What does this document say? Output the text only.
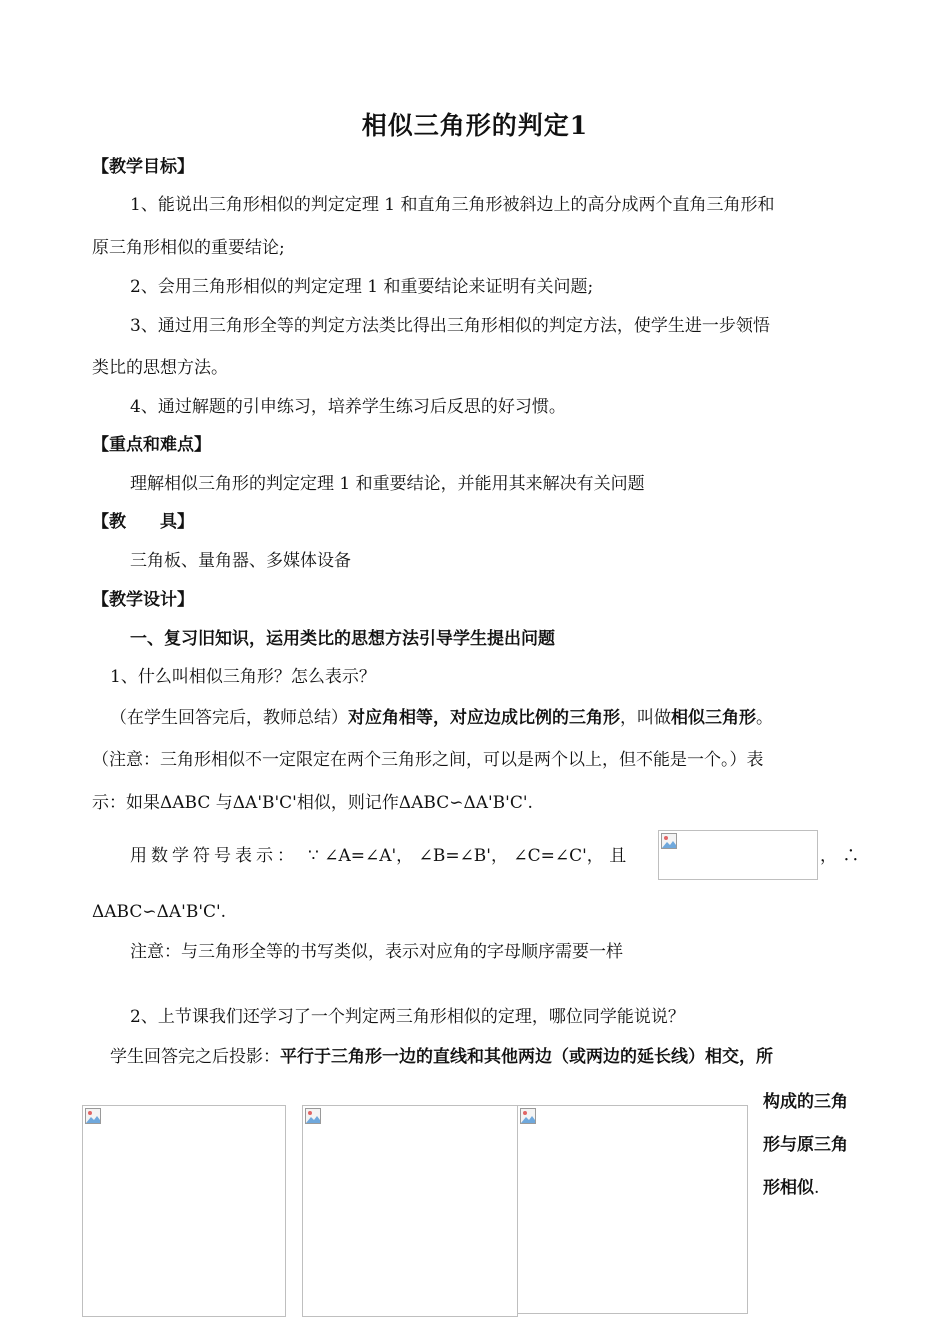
相似三角形的判定1
【教学目标】
1、能说出三角形相似的判定定理 1 和直角三角形被斜边上的高分成两个直角三角形和
原三角形相似的重要结论;
2、会用三角形相似的判定定理 1 和重要结论来证明有关问题;
3、通过用三角形全等的判定方法类比得出三角形相似的判定方法，使学生进一步领悟
类比的思想方法。
4、通过解题的引申练习，培养学生练习后反思的好习惯。
【重点和难点】
理解相似三角形的判定定理 1 和重要结论，并能用其来解决有关问题
【教　　具】
三角板、量角器、多媒体设备
【教学设计】
一、复习旧知识，运用类比的思想方法引导学生提出问题
1、什么叫相似三角形？怎么表示？
（在学生回答完后，教师总结）对应角相等，对应边成比例的三角形，叫做相似三角形。
（注意：三角形相似不一定限定在两个三角形之间，可以是两个以上，但不能是一个。）表
示：如果ΔABC 与ΔA'B'C'相似，则记作ΔABC∽ΔA'B'C'.
用数学符号表示： ∵ ∠A=∠A'， ∠B=∠B'， ∠C=∠C'， 且	， ∴
ΔABC∽ΔA'B'C'.
注意：与三角形全等的书写类似，表示对应角的字母顺序需要一样
2、上节课我们还学习了一个判定两三角形相似的定理，哪位同学能说说？
学生回答完之后投影：平行于三角形一边的直线和其他两边（或两边的延长线）相交，所
构成的三角
形与原三角
形相似.
